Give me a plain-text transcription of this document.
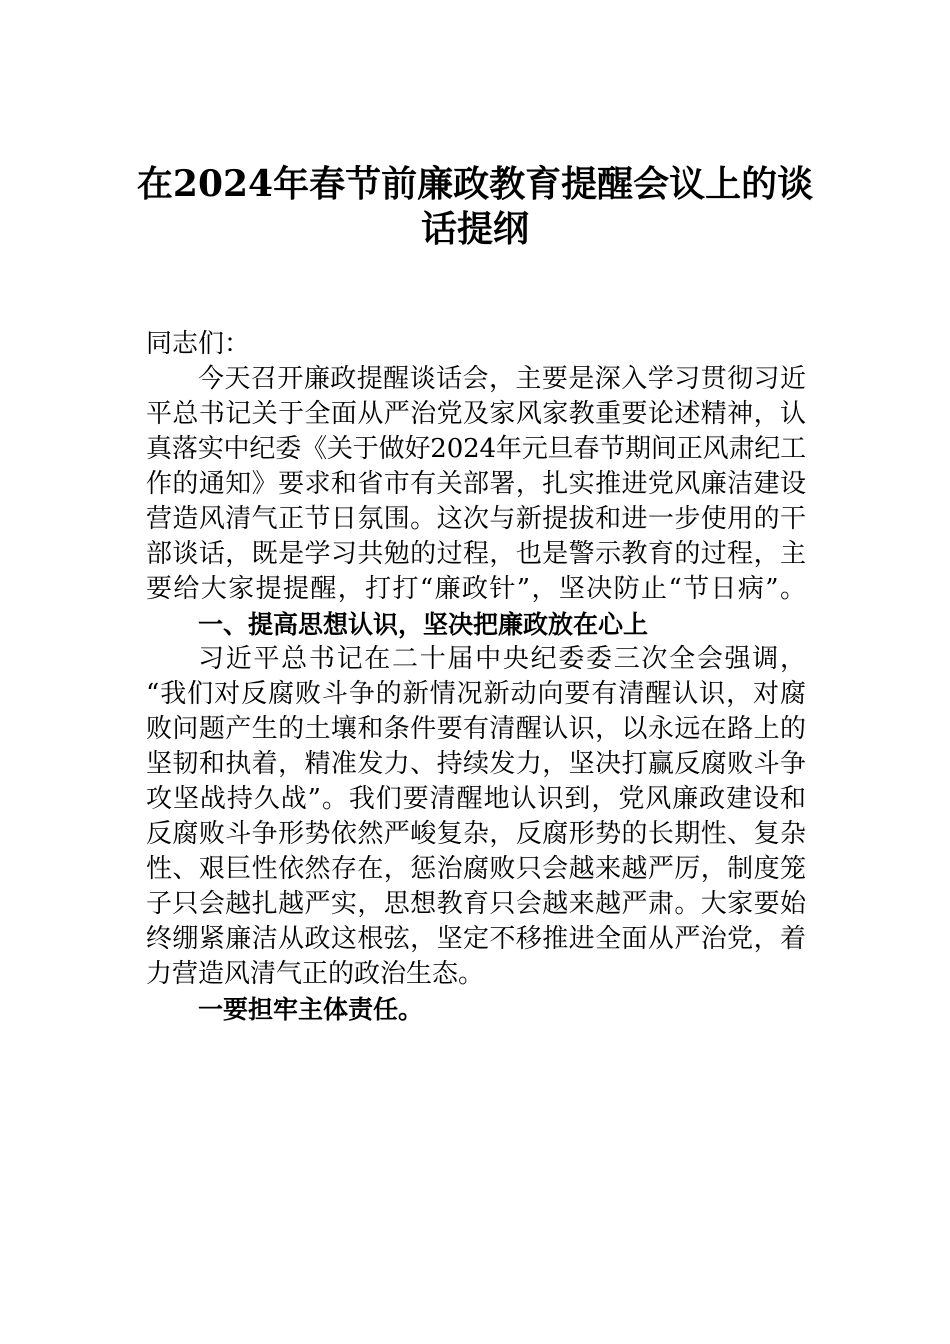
在2024年春节前廉政教育提醒会议上的谈
话提纲
同志们：
今天召开廉政提醒谈话会，主要是深入学习贯彻习近
平总书记关于全面从严治党及家风家教重要论述精神，认
真落实中纪委《关于做好2024年元旦春节期间正风肃纪工
作的通知》要求和省市有关部署，扎实推进党风廉洁建设
营造风清气正节日氛围。这次与新提拔和进一步使用的干
部谈话，既是学习共勉的过程，也是警示教育的过程，主
要给大家提提醒，打打“廉政针”，坚决防止“节日病”。
一、提高思想认识，坚决把廉政放在心上
习近平总书记在二十届中央纪委委三次全会强调，
“我们对反腐败斗争的新情况新动向要有清醒认识，对腐
败问题产生的土壤和条件要有清醒认识，以永远在路上的
坚韧和执着，精准发力、持续发力，坚决打赢反腐败斗争
攻坚战持久战”。我们要清醒地认识到，党风廉政建设和
反腐败斗争形势依然严峻复杂，反腐形势的长期性、复杂
性、艰巨性依然存在，惩治腐败只会越来越严厉，制度笼
子只会越扎越严实，思想教育只会越来越严肃。大家要始
终绷紧廉洁从政这根弦，坚定不移推进全面从严治党，着
力营造风清气正的政治生态。
一要担牢主体责任。
